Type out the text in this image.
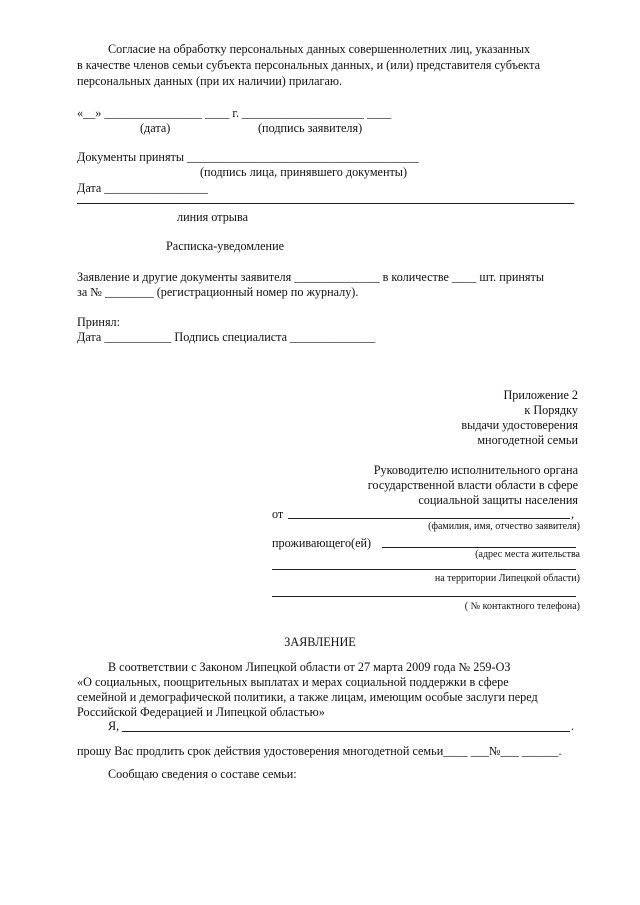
Согласие на обработку персональных данных совершеннолетних лиц, указанных
в качестве членов семьи субъекта персональных данных, и (или) представителя субъекта
персональных данных (при их наличии) прилагаю.
«__» ________________ ____ г. ____________________ ____
(дата)	(подпись заявителя)
Документы приняты ______________________________________
(подпись лица, принявшего документы)
Дата _________________
линия отрыва
Расписка-уведомление
Заявление и другие документы заявителя ______________ в количестве ____ шт. приняты
за № ________ (регистрационный номер по журналу).
Принял:
Дата ___________ Подпись специалиста ______________
Приложение 2
к Порядку
выдачи удостоверения
многодетной семьи
Руководителю исполнительного органа
государственной власти области в сфере
социальной защиты населения
от	,
(фамилия, имя, отчество заявителя)
проживающего(ей)
(адрес места жительства
на территории Липецкой области)
( № контактного телефона)
ЗАЯВЛЕНИЕ
В соответствии с Законом Липецкой области от 27 марта 2009 года № 259-ОЗ
«О социальных, поощрительных выплатах и мерах социальной поддержки в сфере
семейной и демографической политики, а также лицам, имеющим особые заслуги перед
Российской Федерацией и Липецкой областью»
Я,	.
прошу Вас продлить срок действия удостоверения многодетной семьи____ ___№___ ______.
Сообщаю сведения о составе семьи:
